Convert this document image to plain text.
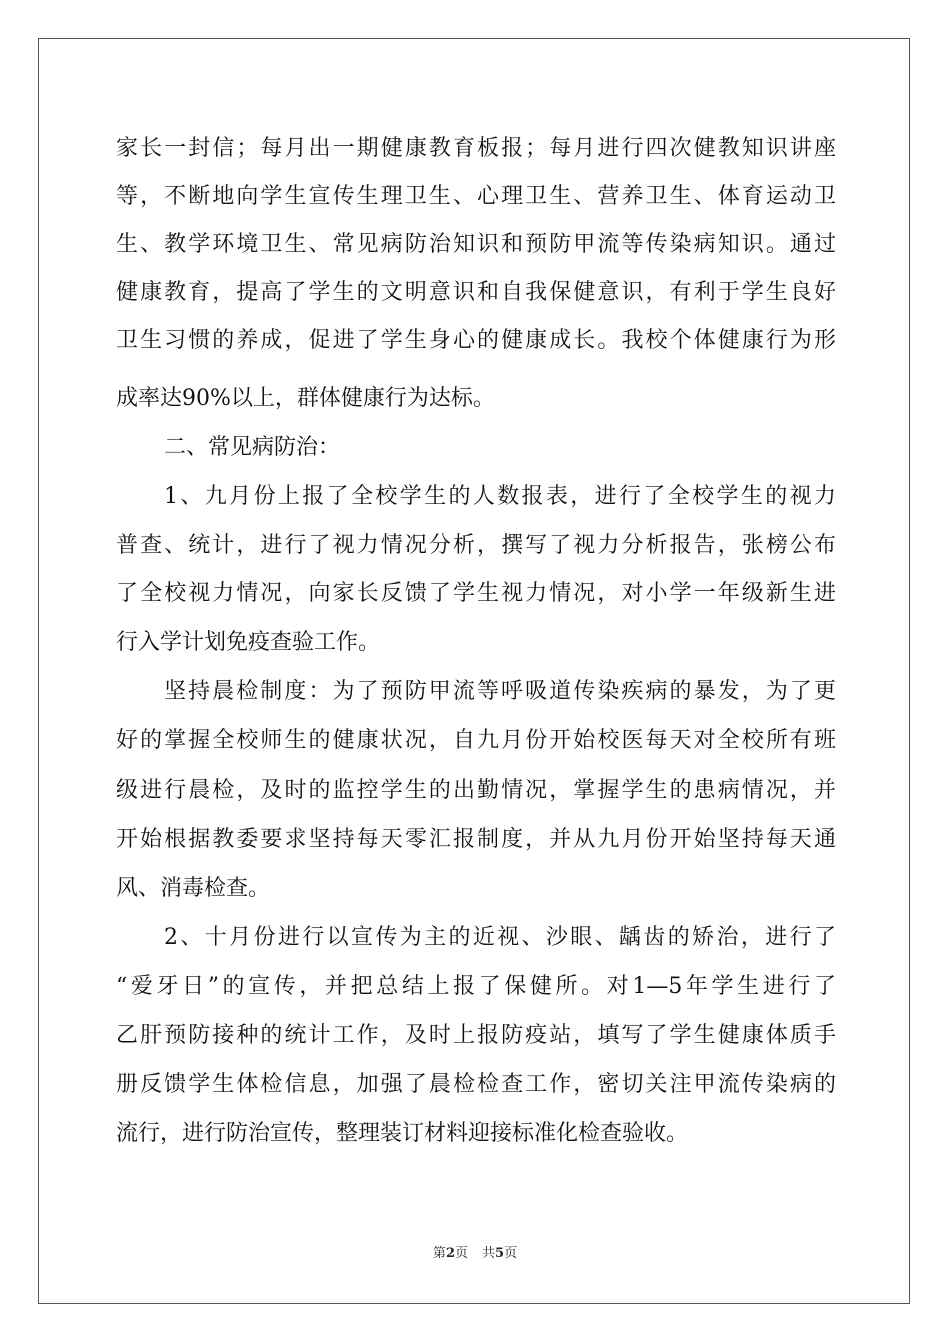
家长一封信；每月出一期健康教育板报；每月进行四次健教知识讲座
等，不断地向学生宣传生理卫生、心理卫生、营养卫生、体育运动卫
生、教学环境卫生、常见病防治知识和预防甲流等传染病知识。通过
健康教育，提高了学生的文明意识和自我保健意识，有利于学生良好
卫生习惯的养成，促进了学生身心的健康成长。我校个体健康行为形
成率达90%以上，群体健康行为达标。
二、常见病防治：
1、九月份上报了全校学生的人数报表，进行了全校学生的视力
普查、统计，进行了视力情况分析，撰写了视力分析报告，张榜公布
了全校视力情况，向家长反馈了学生视力情况，对小学一年级新生进
行入学计划免疫查验工作。
坚持晨检制度：为了预防甲流等呼吸道传染疾病的暴发，为了更
好的掌握全校师生的健康状况，自九月份开始校医每天对全校所有班
级进行晨检，及时的监控学生的出勤情况，掌握学生的患病情况，并
开始根据教委要求坚持每天零汇报制度，并从九月份开始坚持每天通
风、消毒检查。
2、十月份进行以宣传为主的近视、沙眼、龋齿的矫治，进行了
“爱牙日”的宣传，并把总结上报了保健所。对1—5年学生进行了
乙肝预防接种的统计工作，及时上报防疫站，填写了学生健康体质手
册反馈学生体检信息，加强了晨检检查工作，密切关注甲流传染病的
流行，进行防治宣传，整理装订材料迎接标准化检查验收。
第2页 共5页
